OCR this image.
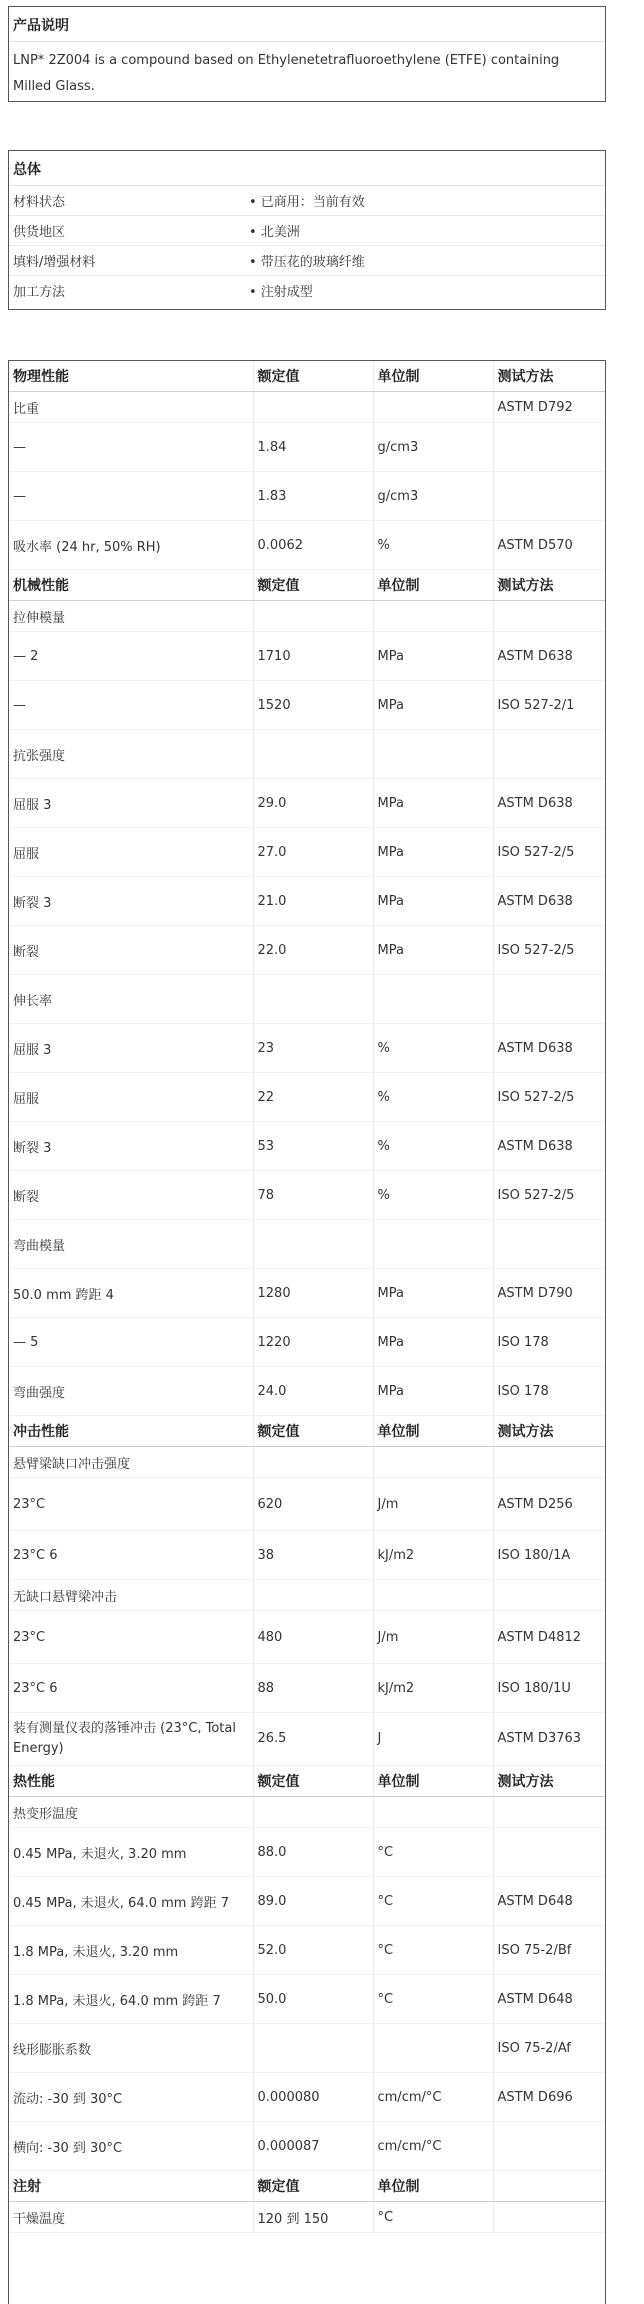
产品说明
LNP* 2Z004 is a compound based on Ethylenetetrafluoroethylene (ETFE) containing Milled Glass.
总体
材料状态	• 已商用：当前有效
供货地区	• 北美洲
填料/增强材料	• 带压花的玻璃纤维
加工方法	• 注射成型
物理性能	额定值	单位制	测试方法
比重			ASTM D792
—	1.84	g/cm3	
—	1.83	g/cm3	
吸水率 (24 hr, 50% RH)	0.0062	%	ASTM D570
机械性能	额定值	单位制	测试方法
拉伸模量			
— 2	1710	MPa	ASTM D638
—	1520	MPa	ISO 527-2/1
抗张强度			
屈服 3	29.0	MPa	ASTM D638
屈服	27.0	MPa	ISO 527-2/5
断裂 3	21.0	MPa	ASTM D638
断裂	22.0	MPa	ISO 527-2/5
伸长率			
屈服 3	23	%	ASTM D638
屈服	22	%	ISO 527-2/5
断裂 3	53	%	ASTM D638
断裂	78	%	ISO 527-2/5
弯曲模量			
50.0 mm 跨距 4	1280	MPa	ASTM D790
— 5	1220	MPa	ISO 178
弯曲强度	24.0	MPa	ISO 178
冲击性能	额定值	单位制	测试方法
悬臂梁缺口冲击强度			
23°C	620	J/m	ASTM D256
23°C 6	38	kJ/m2	ISO 180/1A
无缺口悬臂梁冲击			
23°C	480	J/m	ASTM D4812
23°C 6	88	kJ/m2	ISO 180/1U
装有测量仪表的落锤冲击 (23°C, Total Energy)	26.5	J	ASTM D3763
热性能	额定值	单位制	测试方法
热变形温度			
0.45 MPa, 未退火, 3.20 mm	88.0	°C	
0.45 MPa, 未退火, 64.0 mm 跨距 7	89.0	°C	ASTM D648
1.8 MPa, 未退火, 3.20 mm	52.0	°C	ISO 75-2/Bf
1.8 MPa, 未退火, 64.0 mm 跨距 7	50.0	°C	ASTM D648
线形膨胀系数			ISO 75-2/Af
流动: -30 到 30°C	0.000080	cm/cm/°C	ASTM D696
横向: -30 到 30°C	0.000087	cm/cm/°C	
注射	额定值	单位制	
干燥温度	120 到 150	°C	
